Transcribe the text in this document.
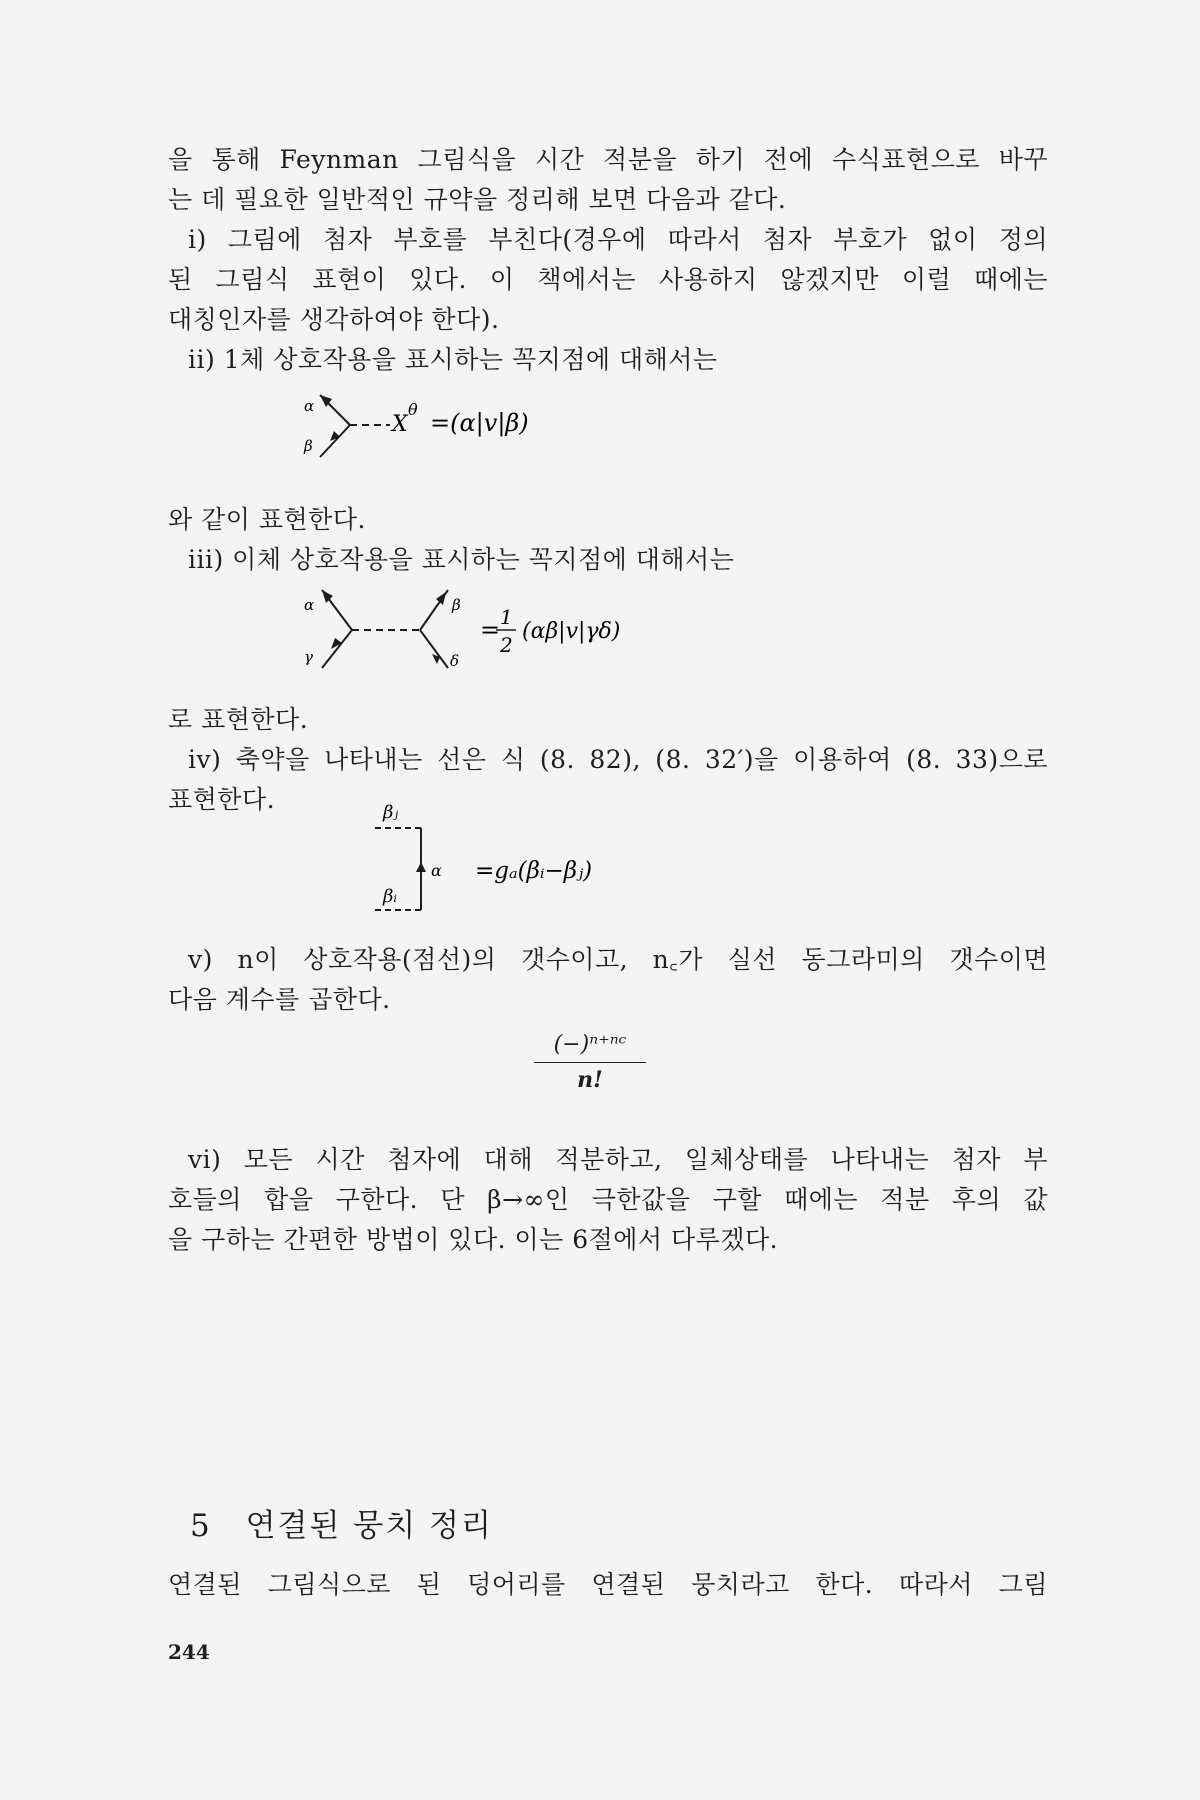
을 통해 Feynman 그림식을 시간 적분을 하기 전에 수식표현으로 바꾸
는 데 필요한 일반적인 규약을 정리해 보면 다음과 같다.
i) 그림에 첨자 부호를 부친다(경우에 따라서 첨자 부호가 없이 정의
된 그림식 표현이 있다. 이 책에서는 사용하지 않겠지만 이럴 때에는
대칭인자를 생각하여야 한다).
ii) 1체 상호작용을 표시하는 꼭지점에 대해서는
X
θ
α
β
=(α|v|β)
와 같이 표현한다.
iii) 이체 상호작용을 표시하는 꼭지점에 대해서는
α
γ
β
δ
= 1
2
(αβ|v|γδ)
로 표현한다.
iv) 축약을 나타내는 선은 식 (8. 82), (8. 32′)을 이용하여 (8. 33)으로
표현한다.	βⱼ
α
βᵢ
=gₐ(βᵢ−βⱼ)
v) n이 상호작용(점선)의 갯수이고, n꜀가 실선 동그라미의 갯수이면
다음 계수를 곱한다.
(−)ⁿ⁺ⁿᶜ
n!
vi) 모든 시간 첨자에 대해 적분하고, 일체상태를 나타내는 첨자 부
호들의 합을 구한다. 단 β→∞인 극한값을 구할 때에는 적분 후의 값
을 구하는 간편한 방법이 있다. 이는 6절에서 다루겠다.
5 연결된 뭉치 정리
연결된 그림식으로 된 덩어리를 연결된 뭉치라고 한다. 따라서 그림
244
